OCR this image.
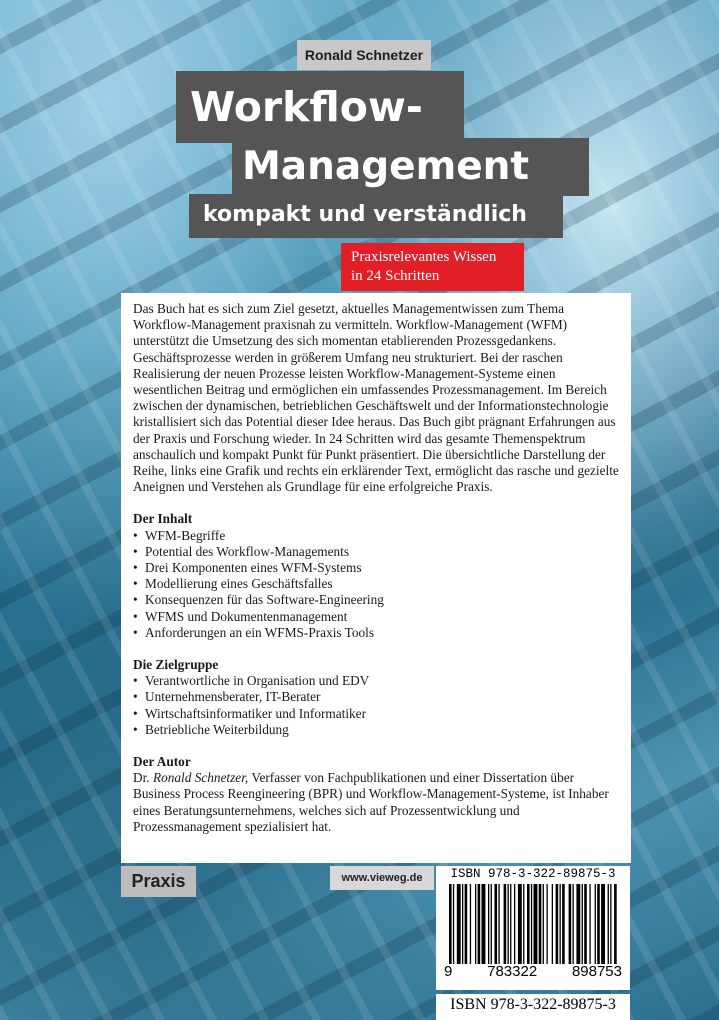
Ronald Schnetzer
Workflow-
Management
kompakt und verständlich
Praxisrelevantes Wissen
in 24 Schritten

Das Buch hat es sich zum Ziel gesetzt, aktuelles Managementwissen zum Thema Workflow-Management praxisnah zu vermitteln. Workflow-Management (WFM) unterstützt die Umsetzung des sich momentan etablierenden Prozessgedankens. Geschäftsprozesse werden in größerem Umfang neu strukturiert. Bei der raschen Realisierung der neuen Prozesse leisten Workflow-Management-Systeme einen wesentlichen Beitrag und ermöglichen ein umfassendes Prozessmanagement. Im Bereich zwischen der dynamischen, betrieblichen Geschäftswelt und der Informationstechnologie kristallisiert sich das Potential dieser Idee heraus. Das Buch gibt prägnant Erfahrungen aus der Praxis und Forschung wieder. In 24 Schritten wird das gesamte Themenspektrum anschaulich und kompakt Punkt für Punkt präsentiert. Die übersichtliche Darstellung der Reihe, links eine Grafik und rechts ein erklärender Text, ermöglicht das rasche und gezielte Aneignen und Verstehen als Grundlage für eine erfolgreiche Praxis.

Der Inhalt

• WFM-Begriffe
• Potential des Workflow-Managements
• Drei Komponenten eines WFM-Systems
• Modellierung eines Geschäftsfalles
• Konsequenzen für das Software-Engineering
• WFMS und Dokumentenmanagement
• Anforderungen an ein WFMS-Praxis Tools

Die Zielgruppe

• Verantwortliche in Organisation und EDV
• Unternehmensberater, IT-Berater
• Wirtschaftsinformatiker und Informatiker
• Betriebliche Weiterbildung

Der Autor

Dr. Ronald Schnetzer, Verfasser von Fachpublikationen und einer Dissertation über Business Process Reengineering (BPR) und Workflow-Management-Systeme, ist Inhaber eines Beratungsunternehmens, welches sich auf Prozessentwicklung und Prozessmanagement spezialisiert hat.

Praxis	www.vieweg.de	ISBN 978-3-322-89875-3
9 783322 898753
ISBN 978-3-322-89875-3
